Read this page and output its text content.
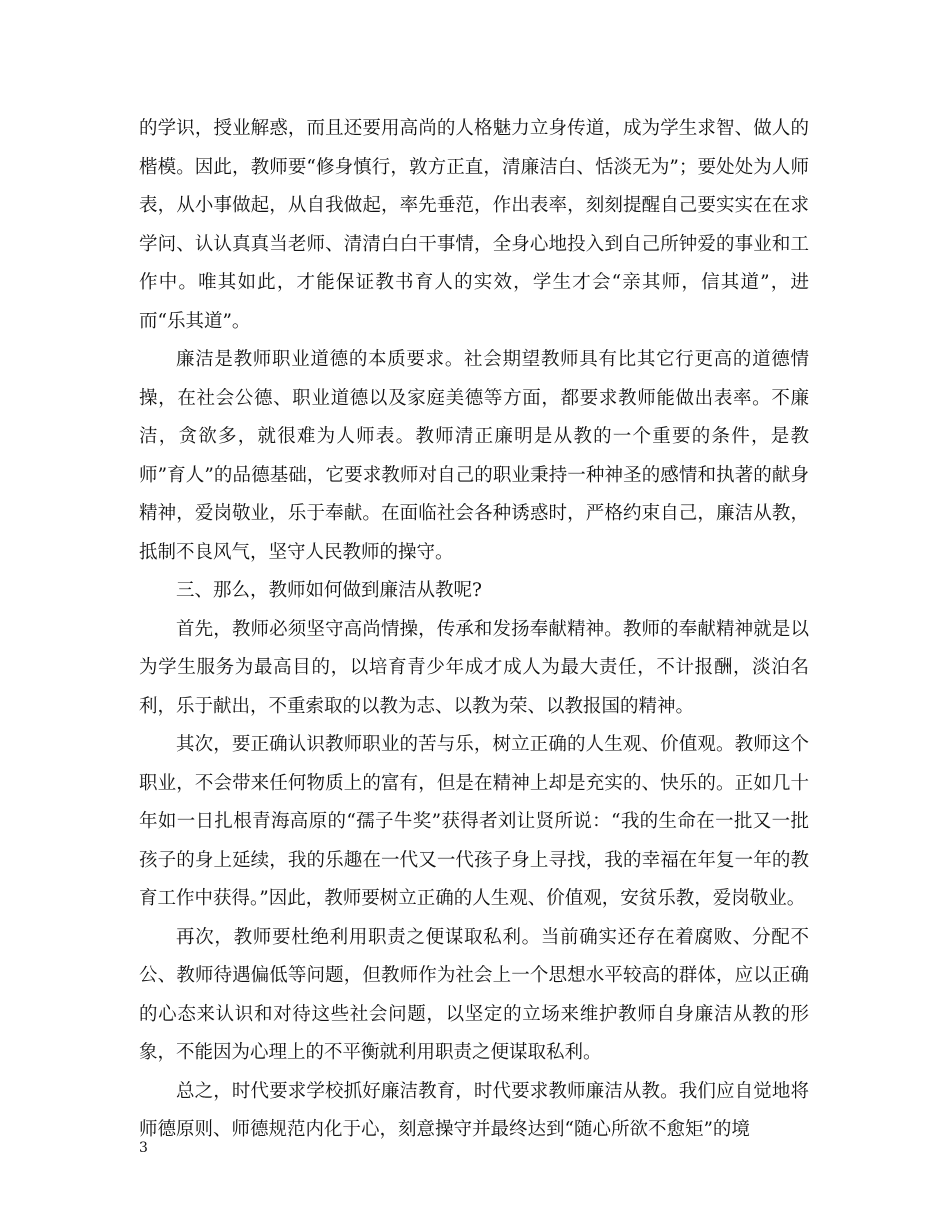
的学识，授业解惑，而且还要用高尚的人格魅力立身传道，成为学生求智、做人的楷模。因此，教师要“修身慎行，敦方正直，清廉洁白、恬淡无为”；要处处为人师表，从小事做起，从自我做起，率先垂范，作出表率，刻刻提醒自己要实实在在求学问、认认真真当老师、清清白白干事情，全身心地投入到自己所钟爱的事业和工作中。唯其如此，才能保证教书育人的实效，学生才会“亲其师，信其道”，进而“乐其道”。

廉洁是教师职业道德的本质要求。社会期望教师具有比其它行更高的道德情操，在社会公德、职业道德以及家庭美德等方面，都要求教师能做出表率。不廉洁，贪欲多，就很难为人师表。教师清正廉明是从教的一个重要的条件，是教师”育人”的品德基础，它要求教师对自己的职业秉持一种神圣的感情和执著的献身精神，爱岗敬业，乐于奉献。在面临社会各种诱惑时，严格约束自己，廉洁从教，抵制不良风气，坚守人民教师的操守。

三、那么，教师如何做到廉洁从教呢?

首先，教师必须坚守高尚情操，传承和发扬奉献精神。教师的奉献精神就是以为学生服务为最高目的，以培育青少年成才成人为最大责任，不计报酬，淡泊名利，乐于献出，不重索取的以教为志、以教为荣、以教报国的精神。

其次，要正确认识教师职业的苦与乐，树立正确的人生观、价值观。教师这个职业，不会带来任何物质上的富有，但是在精神上却是充实的、快乐的。正如几十年如一日扎根青海高原的“孺子牛奖”获得者刘让贤所说：“我的生命在一批又一批孩子的身上延续，我的乐趣在一代又一代孩子身上寻找，我的幸福在年复一年的教育工作中获得。”因此，教师要树立正确的人生观、价值观，安贫乐教，爱岗敬业。

再次，教师要杜绝利用职责之便谋取私利。当前确实还存在着腐败、分配不公、教师待遇偏低等问题，但教师作为社会上一个思想水平较高的群体，应以正确的心态来认识和对待这些社会问题，以坚定的立场来维护教师自身廉洁从教的形象，不能因为心理上的不平衡就利用职责之便谋取私利。

总之，时代要求学校抓好廉洁教育，时代要求教师廉洁从教。我们应自觉地将师德原则、师德规范内化于心，刻意操守并最终达到“随心所欲不愈矩”的境

3
